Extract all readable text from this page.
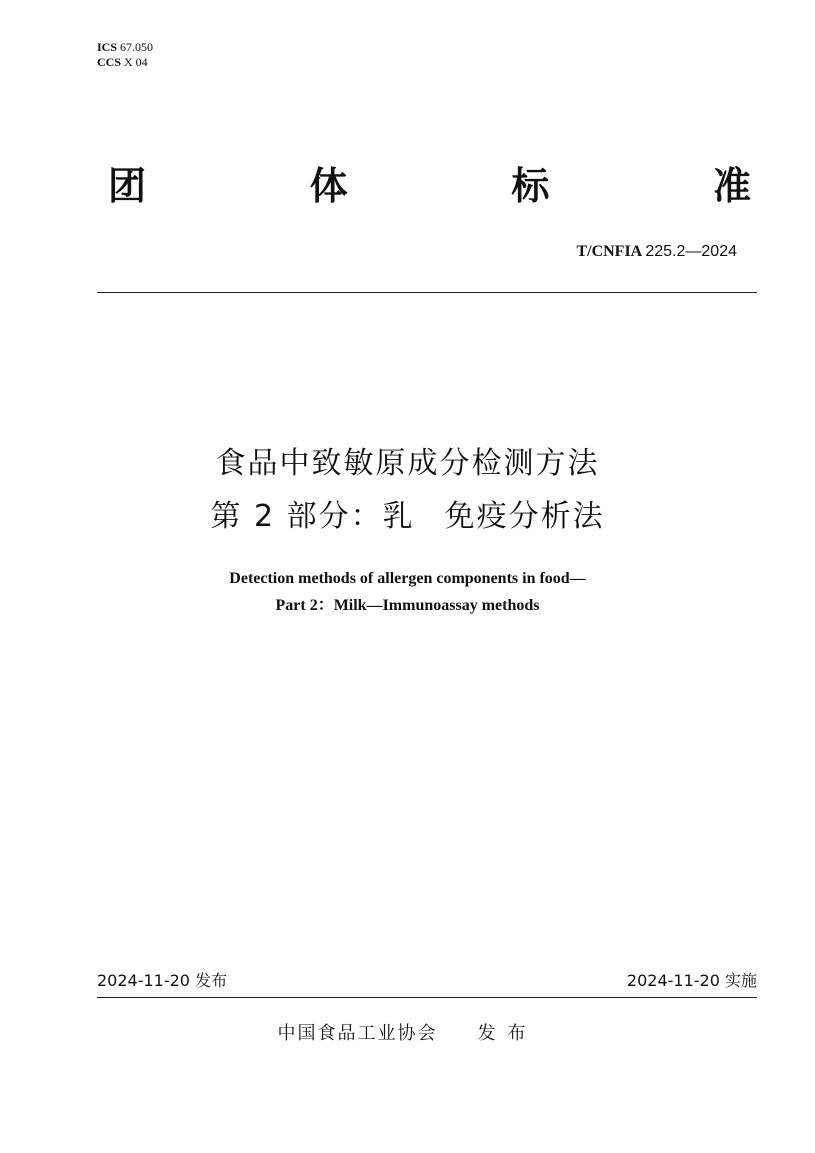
ICS 67.050
CCS X 04
团	体	标	准
T/CNFIA 225.2—2024
食品中致敏原成分检测方法
第 2 部分：乳 免疫分析法
Detection methods of allergen components in food—
Part 2：Milk—Immunoassay methods
2024-11-20 发布	2024-11-20 实施
中国食品工业协会 发布
